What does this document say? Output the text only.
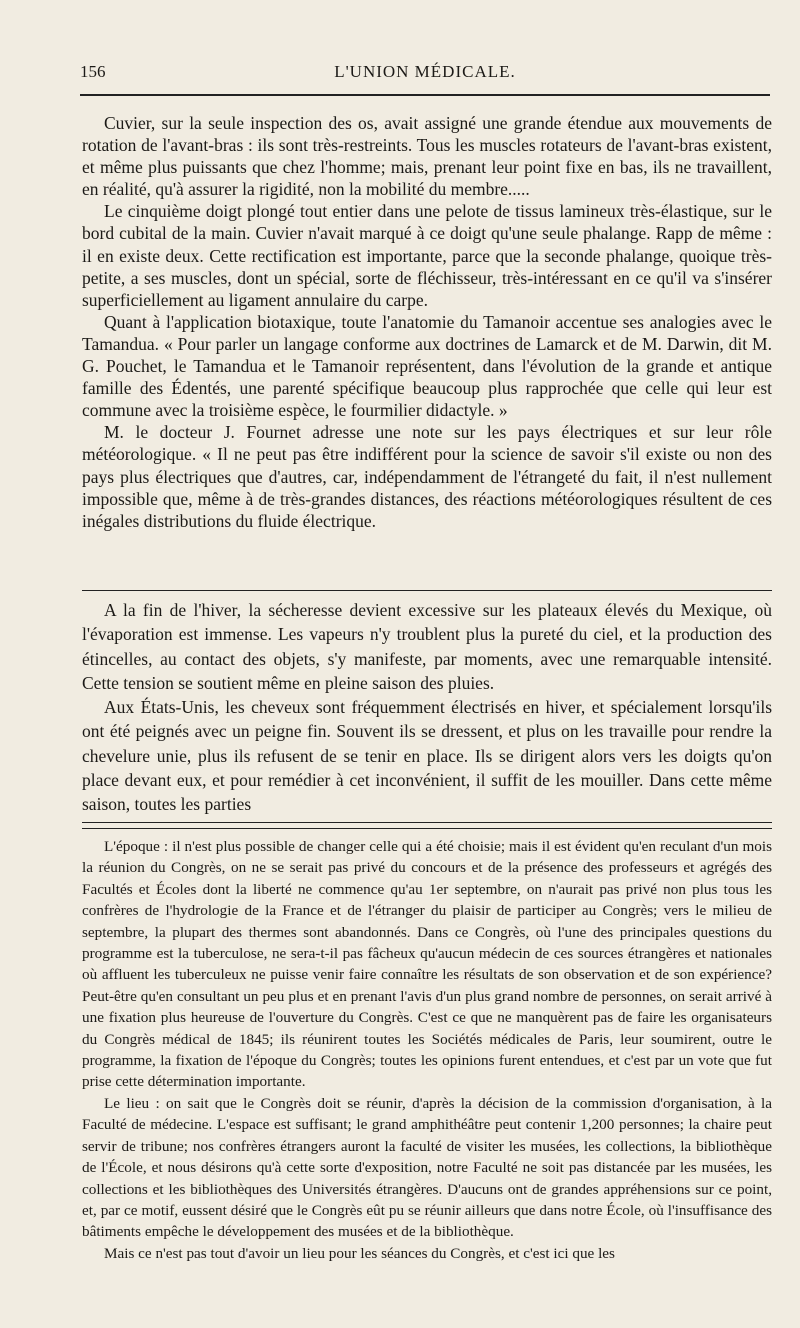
156	L'UNION MÉDICALE.

Cuvier, sur la seule inspection des os, avait assigné une grande étendue aux mouvements de rotation de l'avant-bras : ils sont très-restreints. Tous les muscles rotateurs de l'avant-bras existent, et même plus puissants que chez l'homme; mais, prenant leur point fixe en bas, ils ne travaillent, en réalité, qu'à assurer la rigidité, non la mobilité du membre.....

Le cinquième doigt plongé tout entier dans une pelote de tissus lamineux très-élastique, sur le bord cubital de la main. Cuvier n'avait marqué à ce doigt qu'une seule phalange. Rapp de même : il en existe deux. Cette rectification est importante, parce que la seconde phalange, quoique très-petite, a ses muscles, dont un spécial, sorte de fléchisseur, très-intéressant en ce qu'il va s'insérer superficiellement au ligament annulaire du carpe.

Quant à l'application biotaxique, toute l'anatomie du Tamanoir accentue ses analogies avec le Tamandua. « Pour parler un langage conforme aux doctrines de Lamarck et de M. Darwin, dit M. G. Pouchet, le Tamandua et le Tamanoir représentent, dans l'évolution de la grande et antique famille des Édentés, une parenté spécifique beaucoup plus rapprochée que celle qui leur est commune avec la troisième espèce, le fourmilier didactyle. »

M. le docteur J. Fournet adresse une note sur les pays électriques et sur leur rôle météorologique. « Il ne peut pas être indifférent pour la science de savoir s'il existe ou non des pays plus électriques que d'autres, car, indépendamment de l'étrangeté du fait, il n'est nullement impossible que, même à de très-grandes distances, des réactions météorologiques résultent de ces inégales distributions du fluide électrique.

A la fin de l'hiver, la sécheresse devient excessive sur les plateaux élevés du Mexique, où l'évaporation est immense. Les vapeurs n'y troublent plus la pureté du ciel, et la production des étincelles, au contact des objets, s'y manifeste, par moments, avec une remarquable intensité. Cette tension se soutient même en pleine saison des pluies.

Aux États-Unis, les cheveux sont fréquemment électrisés en hiver, et spécialement lorsqu'ils ont été peignés avec un peigne fin. Souvent ils se dressent, et plus on les travaille pour rendre la chevelure unie, plus ils refusent de se tenir en place. Ils se dirigent alors vers les doigts qu'on place devant eux, et pour remédier à cet inconvénient, il suffit de les mouiller. Dans cette même saison, toutes les parties

L'époque : il n'est plus possible de changer celle qui a été choisie; mais il est évident qu'en reculant d'un mois la réunion du Congrès, on ne se serait pas privé du concours et de la présence des professeurs et agrégés des Facultés et Écoles dont la liberté ne commence qu'au 1er septembre, on n'aurait pas privé non plus tous les confrères de l'hydrologie de la France et de l'étranger du plaisir de participer au Congrès; vers le milieu de septembre, la plupart des thermes sont abandonnés. Dans ce Congrès, où l'une des principales questions du programme est la tuberculose, ne sera-t-il pas fâcheux qu'aucun médecin de ces sources étrangères et nationales où affluent les tuberculeux ne puisse venir faire connaître les résultats de son observation et de son expérience? Peut-être qu'en consultant un peu plus et en prenant l'avis d'un plus grand nombre de personnes, on serait arrivé à une fixation plus heureuse de l'ouverture du Congrès. C'est ce que ne manquèrent pas de faire les organisateurs du Congrès médical de 1845; ils réunirent toutes les Sociétés médicales de Paris, leur soumirent, outre le programme, la fixation de l'époque du Congrès; toutes les opinions furent entendues, et c'est par un vote que fut prise cette détermination importante.

Le lieu : on sait que le Congrès doit se réunir, d'après la décision de la commission d'organisation, à la Faculté de médecine. L'espace est suffisant; le grand amphithéâtre peut contenir 1,200 personnes; la chaire peut servir de tribune; nos confrères étrangers auront la faculté de visiter les musées, les collections, la bibliothèque de l'École, et nous désirons qu'à cette sorte d'exposition, notre Faculté ne soit pas distancée par les musées, les collections et les bibliothèques des Universités étrangères. D'aucuns ont de grandes appréhensions sur ce point, et, par ce motif, eussent désiré que le Congrès eût pu se réunir ailleurs que dans notre École, où l'insuffisance des bâtiments empêche le développement des musées et de la bibliothèque.

Mais ce n'est pas tout d'avoir un lieu pour les séances du Congrès, et c'est ici que les
